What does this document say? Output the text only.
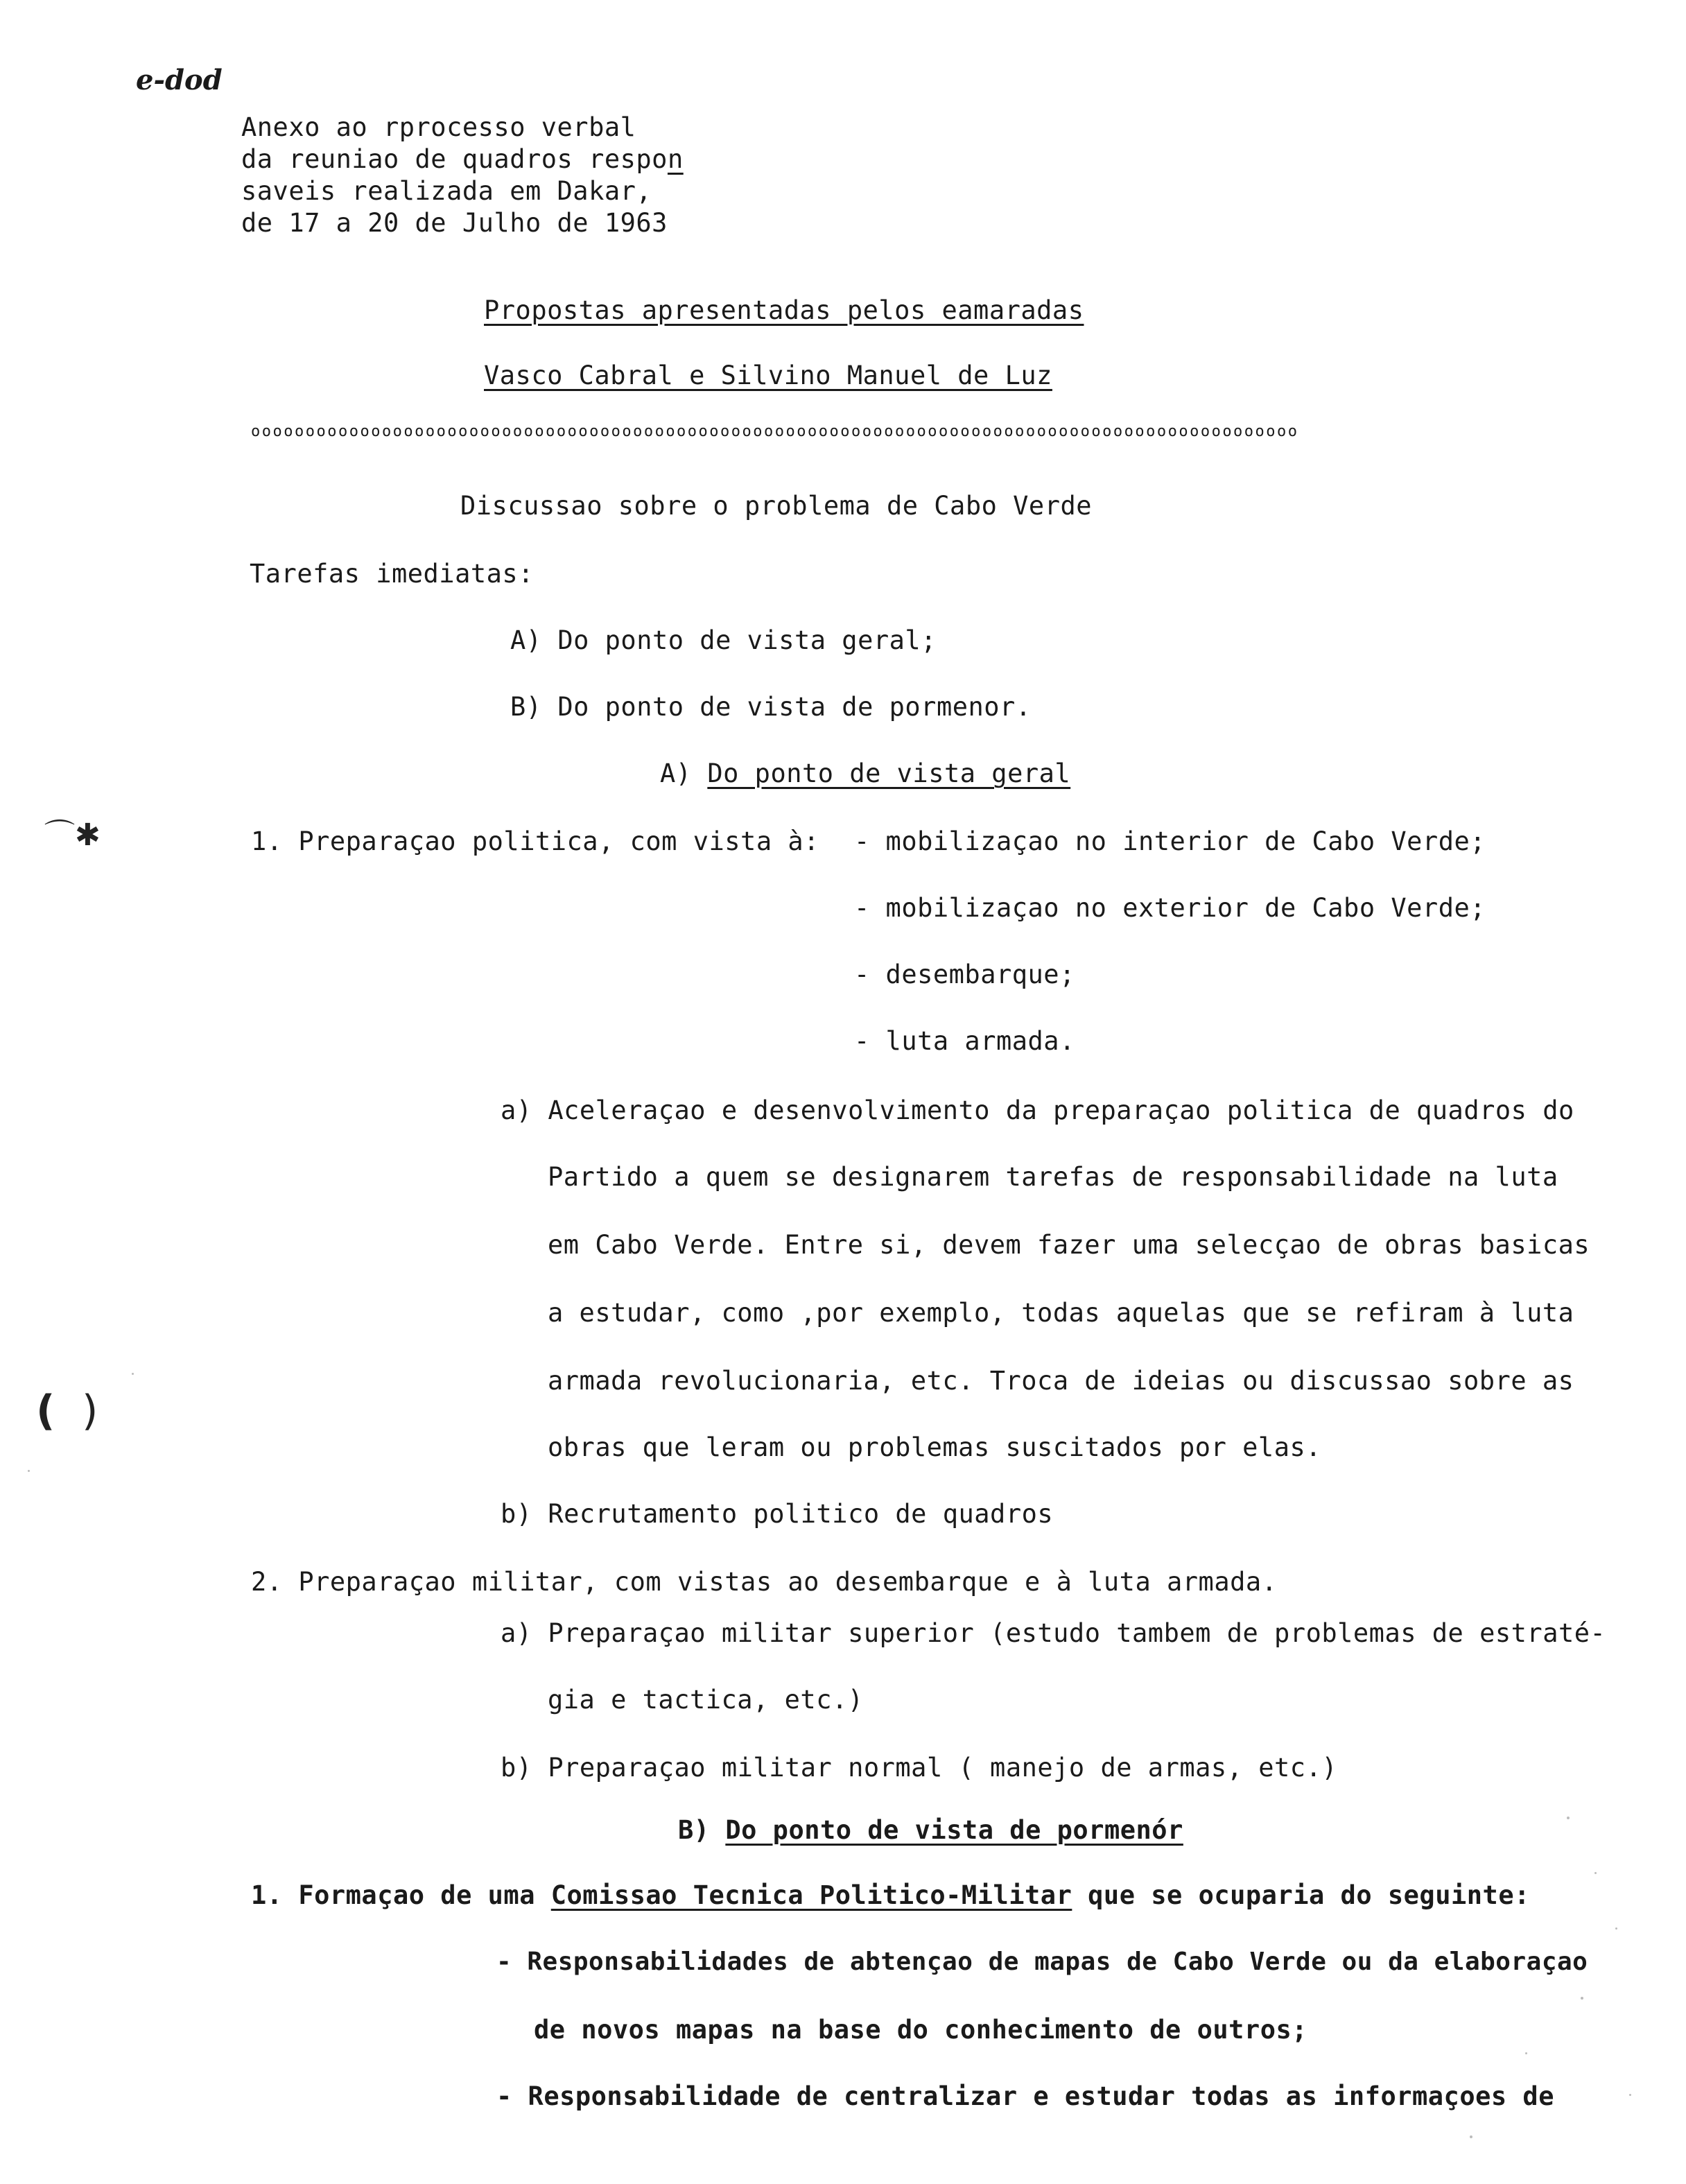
e-dod
Anexo ao rprocesso verbal
da reuniao de quadros respon
saveis realizada em Dakar,
de 17 a 20 de Julho de 1963
Propostas apresentadas pelos eamaradas
Vasco Cabral e Silvino Manuel de Luz
oooooooooooooooooooooooooooooooooooooooooooooooooooooooooooooooooooooooooooooooooooooooooooooooo
Discussao sobre o problema de Cabo Verde
Tarefas imediatas:
A) Do ponto de vista geral;
B) Do ponto de vista de pormenor.
A) Do ponto de vista geral
1. Preparaçao politica, com vista à: - mobilizaçao no interior de Cabo Verde;
- mobilizaçao no exterior de Cabo Verde;
- desembarque;
- luta armada.
a) Aceleraçao e desenvolvimento da preparaçao politica de quadros do
Partido a quem se designarem tarefas de responsabilidade na luta
em Cabo Verde. Entre si, devem fazer uma selecçao de obras basicas
a estudar, como ,por exemplo, todas aquelas que se refiram à luta
armada revolucionaria, etc. Troca de ideias ou discussao sobre as
obras que leram ou problemas suscitados por elas.
b) Recrutamento politico de quadros
2. Preparaçao militar, com vistas ao desembarque e à luta armada.
a) Preparaçao militar superior (estudo tambem de problemas de estraté-
gia e tactica, etc.)
b) Preparaçao militar normal ( manejo de armas, etc.)
B) Do ponto de vista de pormenór
1. Formaçao de uma Comissao Tecnica Politico-Militar que se ocuparia do seguinte:
- Responsabilidades de abtençao de mapas de Cabo Verde ou da elaboraçao
de novos mapas na base do conhecimento de outros;
- Responsabilidade de centralizar e estudar todas as informaçoes de
⌒✱
( )
